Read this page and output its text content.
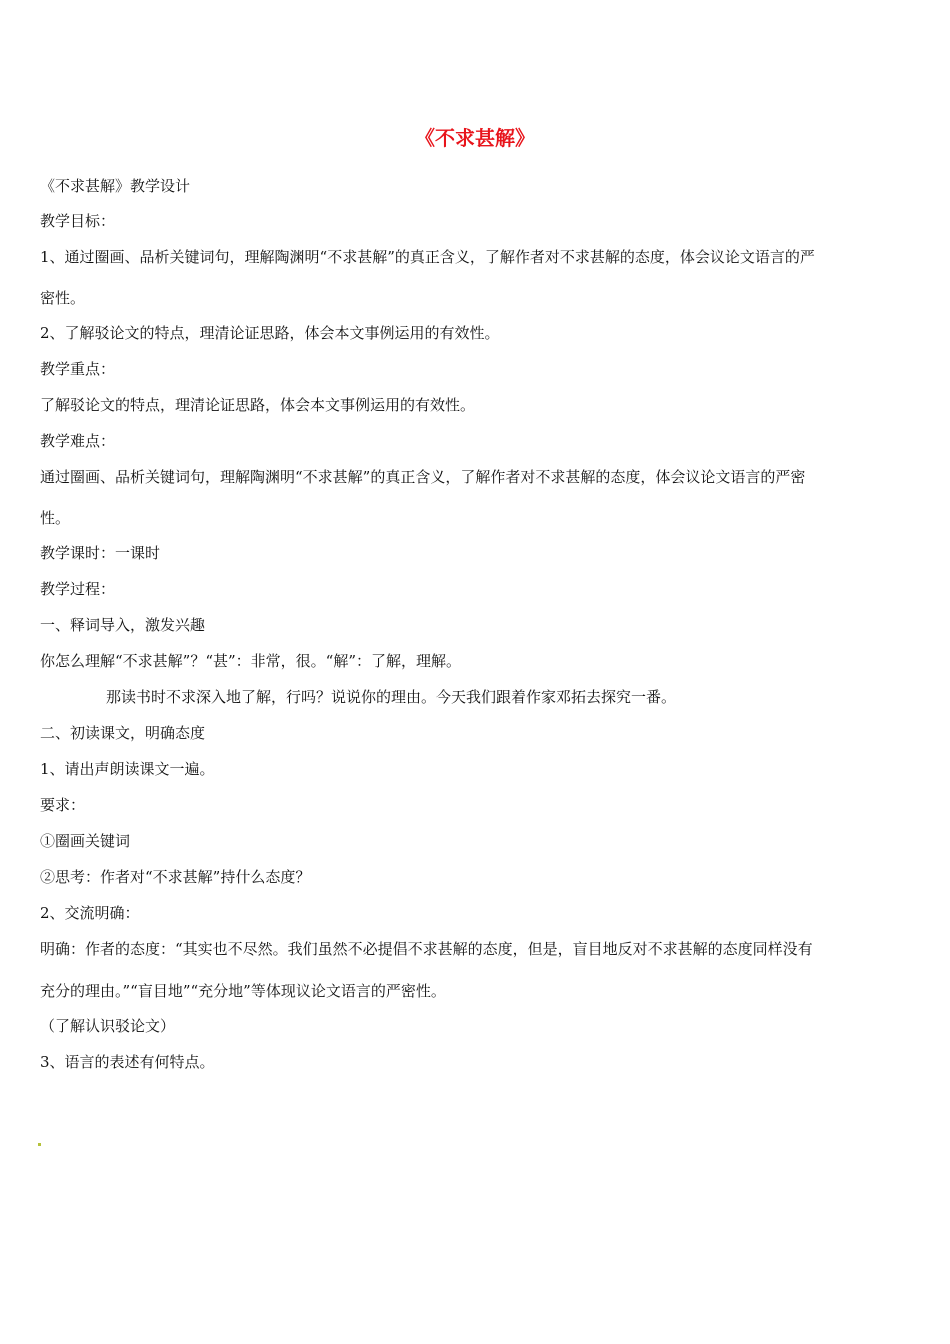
《不求甚解》
《不求甚解》教学设计
教学目标：
1、通过圈画、品析关键词句，理解陶渊明“不求甚解”的真正含义，了解作者对不求甚解的态度，体会议论文语言的严
密性。
2、了解驳论文的特点，理清论证思路，体会本文事例运用的有效性。
教学重点：
了解驳论文的特点，理清论证思路，体会本文事例运用的有效性。
教学难点：
通过圈画、品析关键词句，理解陶渊明“不求甚解”的真正含义，了解作者对不求甚解的态度，体会议论文语言的严密
性。
教学课时：一课时
教学过程：
一、释词导入，激发兴趣
你怎么理解“不求甚解”？“甚”：非常，很。“解”：了解，理解。
那读书时不求深入地了解，行吗？说说你的理由。今天我们跟着作家邓拓去探究一番。
二、初读课文，明确态度
1、请出声朗读课文一遍。
要求：
①圈画关键词
②思考：作者对“不求甚解”持什么态度？
2、交流明确：
明确：作者的态度：“其实也不尽然。我们虽然不必提倡不求甚解的态度，但是，盲目地反对不求甚解的态度同样没有
充分的理由。”“盲目地”“充分地”等体现议论文语言的严密性。
（了解认识驳论文）
3、语言的表述有何特点。
